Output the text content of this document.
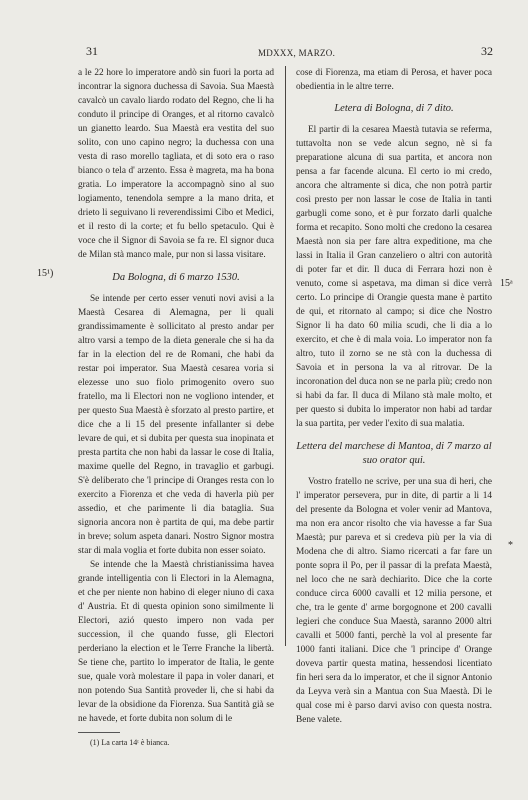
31	MDXXX, MARZO.	32
15¹)
15ᵃ
*

a le 22 hore lo imperatore andò sin fuori la porta ad incontrar la signora duchessa di Savoia. Sua Maestà cavalcò un cavalo liardo rodato del Regno, che li ha conduto il principe di Oranges, et al ritorno cavalcò un gianetto leardo. Sua Maestà era vestita del suo solito, con uno capino negro; la duchessa con una vesta di raso morello tagliata, et di soto era o raso bianco o tela d' arzento. Essa è magreta, ma ha bona gratia. Lo imperatore la accompagnò sino al suo logiamento, tenendola sempre a la mano drita, et drieto li seguivano li reverendissimi Cibo et Medici, et il resto di la corte; et fu bello spetaculo. Qui è voce che il Signor di Savoia se fa re. El signor duca de Milan stà manco male, pur non si lassa visitare.

Da Bologna, di 6 marzo 1530.

Se intende per certo esser venuti novi avisi a la Maestà Cesarea di Alemagna, per li quali grandissimamente è sollicitato al presto andar per altro varsi a tempo de la dieta generale che si ha da far in la election del re de Romani, che habi da restar poi imperator. Sua Maestà cesarea voria si elezesse uno suo fiolo primogenito overo suo fratello, ma li Electori non ne vogliono intender, et per questo Sua Maestà è sforzato al presto partire, et dice che a li 15 del presente infallanter si debe levare de qui, et si dubita per questa sua inopinata et presta partita che non habi da lassar le cose di Italia, maxime quelle del Regno, in travaglio et garbugi. S'è deliberato che 'l principe di Oranges resta con lo exercito a Fiorenza et che veda di haverla più per assedio, et che parimente li dia bataglia. Sua signoria ancora non è partita de qui, ma debe partir in breve; solum aspeta danari. Nostro Signor mostra star di mala voglia et forte dubita non esser soiato.

Se intende che la Maestà christianissima havea grande intelligentia con li Electori in la Alemagna, et che per niente non habino di eleger niuno di caxa d' Austria. Et di questa opinion sono similmente li Electori, azió questo impero non vada per succession, il che quando fusse, gli Electori perderiano la election et le Terre Franche la libertà. Se tiene che, partito lo imperator de Italia, le gente sue, quale vorà molestare il papa in voler danari, et non potendo Sua Santità proveder li, che si habi da levar de la obsidione da Fiorenza. Sua Santità già se ne havede, et forte dubita non solum di le

(1) La carta 14ᵗ è bianca.

cose di Fiorenza, ma etiam di Perosa, et haver poca obedientia in le altre terre.

Letera di Bologna, di 7 dito.

El partir di la cesarea Maestà tutavia se referma, tuttavolta non se vede alcun segno, nè si fa preparatione alcuna di sua partita, et ancora non pensa a far facende alcuna. El certo io mi credo, ancora che altramente si dica, che non potrà partir così presto per non lassar le cose de Italia in tanti garbugli come sono, et è pur forzato darli qualche forma et recapito. Sono molti che credono la cesarea Maestà non sia per fare altra expeditione, ma che lassi in Italia il Gran canzeliero o altri con autorità di poter far et dir. Il duca di Ferrara hozi non è venuto, come si aspetava, ma diman si dice verrà certo. Lo principe di Orangie questa mane è partito de qui, et ritornato al campo; si dice che Nostro Signor li ha dato 60 milia scudi, che li dia a lo exercito, et che è di mala voia. Lo imperator non fa altro, tuto il zorno se ne stà con la duchessa di Savoia et in persona la va al ritrovar. De la incoronation del duca non se ne parla più; credo non si habi da far. Il duca di Milano stà male molto, et per questo si dubita lo imperator non habi ad tardar la sua partita, per veder l'exito di sua malatia.

Lettera del marchese di Mantoa, di 7 marzo al suo orator qui.

Vostro fratello ne scrive, per una sua di heri, che l' imperator persevera, pur in dite, di partir a li 14 del presente da Bologna et voler venir ad Mantova, ma non era ancor risolto che via havesse a far Sua Maestà; pur pareva et si credeva più per la via di Modena che di altro. Siamo ricercati a far fare un ponte sopra il Po, per il passar di la prefata Maestà, nel loco che ne sarà dechiarito. Dice che la corte conduce circa 6000 cavalli et 12 milia persone, et che, tra le gente d' arme borgognone et 200 cavalli legieri che conduce Sua Maestà, saranno 2000 altri cavalli et 5000 fanti, perchè la vol al presente far 1000 fanti italiani. Dice che 'l principe d' Orange doveva partir questa matina, hessendosi licentiato fin heri sera da lo imperator, et che il signor Antonio da Leyva verà sin a Mantua con Sua Maestà. Di le qual cose mi è parso darvi aviso con questa nostra. Bene valete.
